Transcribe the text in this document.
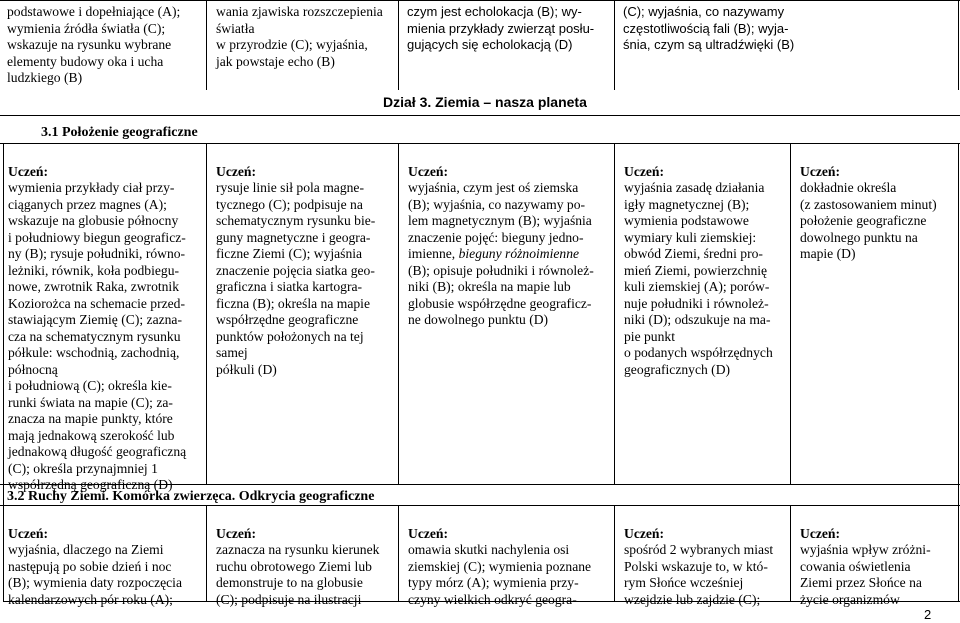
podstawowe i dopełniające (A);
wymienia źródła światła (C);
wskazuje na rysunku wybrane
elementy budowy oka i ucha
ludzkiego (B)
wania zjawiska rozszczepienia
światła
w przyrodzie (C); wyjaśnia,
jak powstaje echo (B)
czym jest echolokacja (B); wy-
mienia przykłady zwierząt posłu-
gujących się echolokacją (D)
(C); wyjaśnia, co nazywamy
częstotliwością fali (B); wyja-
śnia, czym są ultradźwięki (B)
Dział 3. Ziemia – nasza planeta
3.1 Położenie geograficzne

Uczeń:
wymienia przykłady ciał przy-
ciąganych przez magnes (A);
wskazuje na globusie północny
i południowy biegun geograficz-
ny (B); rysuje południki, równo-
leżniki, równik, koła podbiegu-
nowe, zwrotnik Raka, zwrotnik
Koziorożca na schemacie przed-
stawiającym Ziemię (C); zazna-
cza na schematycznym rysunku
półkule: wschodnią, zachodnią,
północną
i południową (C); określa kie-
runki świata na mapie (C); za-
znacza na mapie punkty, które
mają jednakową szerokość lub
jednakową długość geograficzną
(C); określa przynajmniej 1
współrzędną geograficzną (D)

Uczeń:
rysuje linie sił pola magne-
tycznego (C); podpisuje na
schematycznym rysunku bie-
guny magnetyczne i geogra-
ficzne Ziemi (C); wyjaśnia
znaczenie pojęcia siatka geo-
graficzna i siatka kartogra-
ficzna (B); określa na mapie
współrzędne geograficzne
punktów położonych na tej
samej
półkuli (D)

Uczeń:
wyjaśnia, czym jest oś ziemska
(B); wyjaśnia, co nazywamy po-
lem magnetycznym (B); wyjaśnia
znaczenie pojęć: bieguny jedno-
imienne, bieguny różnoimienne
(B); opisuje południki i równoleż-
niki (B); określa na mapie lub
globusie współrzędne geograficz-
ne dowolnego punktu (D)

Uczeń:
wyjaśnia zasadę działania
igły magnetycznej (B);
wymienia podstawowe
wymiary kuli ziemskiej:
obwód Ziemi, średni pro-
mień Ziemi, powierzchnię
kuli ziemskiej (A); porów-
nuje południki i równoleż-
niki (D); odszukuje na ma-
pie punkt
o podanych współrzędnych
geograficznych (D)

Uczeń:
dokładnie określa
(z zastosowaniem minut)
położenie geograficzne
dowolnego punktu na
mapie (D)

3.2 Ruchy Ziemi. Komórka zwierzęca. Odkrycia geograficzne

Uczeń:
wyjaśnia, dlaczego na Ziemi
następują po sobie dzień i noc
(B); wymienia daty rozpoczęcia
kalendarzowych pór roku (A);

Uczeń:
zaznacza na rysunku kierunek
ruchu obrotowego Ziemi lub
demonstruje to na globusie
(C); podpisuje na ilustracji

Uczeń:
omawia skutki nachylenia osi
ziemskiej (C); wymienia poznane
typy mórz (A); wymienia przy-
czyny wielkich odkryć geogra-

Uczeń:
spośród 2 wybranych miast
Polski wskazuje to, w któ-
rym Słońce wcześniej
wzejdzie lub zajdzie (C);

Uczeń:
wyjaśnia wpływ zróżni-
cowania oświetlenia
Ziemi przez Słońce na
życie organizmów

2
